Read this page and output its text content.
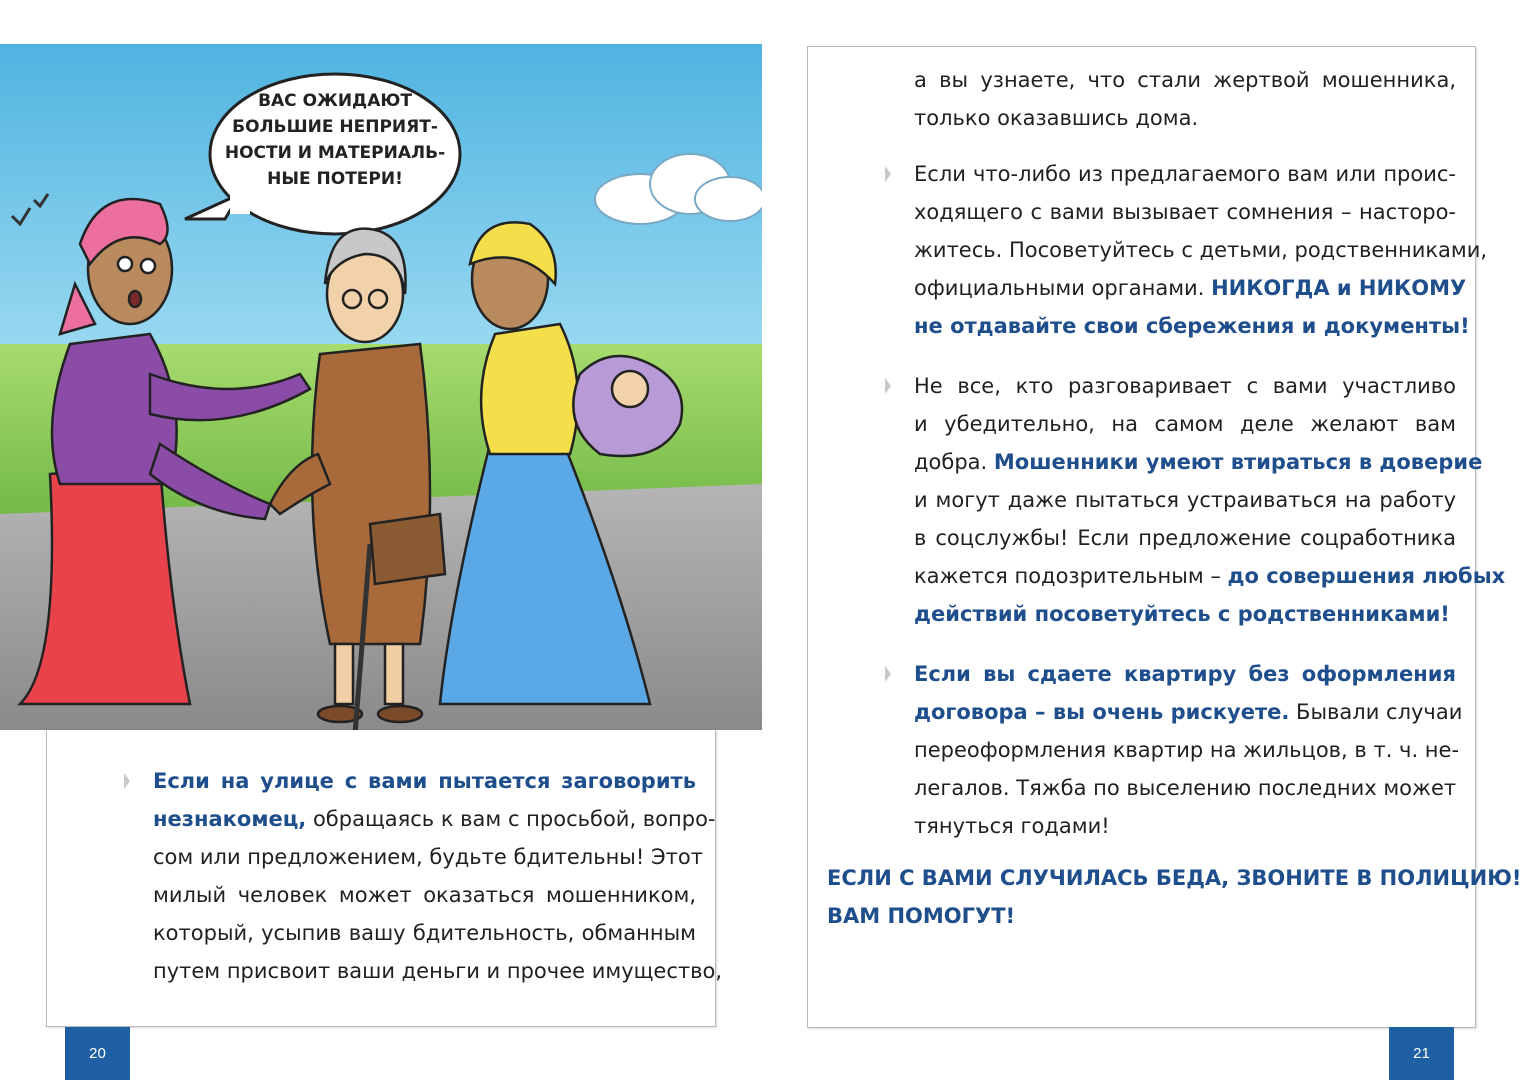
ВАС ОЖИДАЮТ
БОЛЬШИЕ НЕПРИЯТ-
НОСТИ И МАТЕРИАЛЬ-
НЫЕ ПОТЕРИ!
Если на улице с вами пытается заговорить
незнакомец, обращаясь к вам с просьбой, вопро-
сом или предложением, будьте бдительны! Этот
милый человек может оказаться мошенником,
который, усыпив вашу бдительность, обманным
путем присвоит ваши деньги и прочее имущество,
20
а вы узнаете, что стали жертвой мошенника,
только оказавшись дома.
Если что-либо из предлагаемого вам или проис-
ходящего с вами вызывает сомнения – насторо-
житесь. Посоветуйтесь с детьми, родственниками,
официальными органами. НИКОГДА и НИКОМУ
не отдавайте свои сбережения и документы!
Не все, кто разговаривает с вами участливо
и убедительно, на самом деле желают вам
добра. Мошенники умеют втираться в доверие
и могут даже пытаться устраиваться на работу
в соцслужбы! Если предложение соцработника
кажется подозрительным – до совершения любых
действий посоветуйтесь с родственниками!
Если вы сдаете квартиру без оформления
договора – вы очень рискуете. Бывали случаи
переоформления квартир на жильцов, в т. ч. не-
легалов. Тяжба по выселению последних может
тянуться годами!
ЕСЛИ С ВАМИ СЛУЧИЛАСЬ БЕДА, ЗВОНИТЕ В ПОЛИЦИЮ!
ВАМ ПОМОГУТ!
21
